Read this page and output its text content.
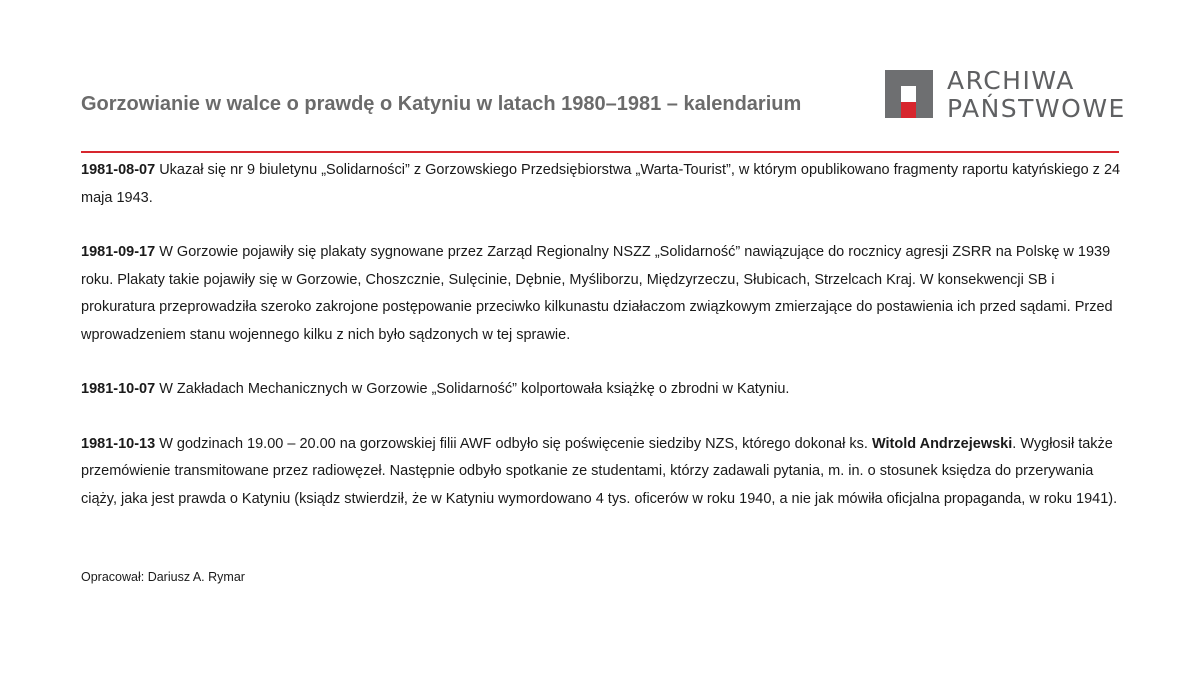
Gorzowianie w walce o prawdę o Katyniu w latach 1980–1981 – kalendarium
ARCHIWA
PAŃSTWOWE

1981-08-07 Ukazał się nr 9 biuletynu „Solidarności” z Gorzowskiego Przedsiębiorstwa „Warta-Tourist”, w którym opublikowano fragmenty raportu katyńskiego z 24 maja 1943.

1981-09-17 W Gorzowie pojawiły się plakaty sygnowane przez Zarząd Regionalny NSZZ „Solidarność” nawiązujące do rocznicy agresji ZSRR na Polskę w 1939 roku. Plakaty takie pojawiły się w Gorzowie, Choszcznie, Sulęcinie, Dębnie, Myśliborzu, Międzyrzeczu, Słubicach, Strzelcach Kraj. W konsekwencji SB i prokuratura przeprowadziła szeroko zakrojone postępowanie przeciwko kilkunastu działaczom związkowym zmierzające do postawienia ich przed sądami. Przed wprowadzeniem stanu wojennego kilku z nich było sądzonych w tej sprawie.

1981-10-07 W Zakładach Mechanicznych w Gorzowie „Solidarność” kolportowała książkę o zbrodni w Katyniu.

1981-10-13 W godzinach 19.00 – 20.00 na gorzowskiej filii AWF odbyło się poświęcenie siedziby NZS, którego dokonał ks. Witold Andrzejewski. Wygłosił także przemówienie transmitowane przez radiowęzeł. Następnie odbyło spotkanie ze studentami, którzy zadawali pytania, m. in. o stosunek księdza do przerywania ciąży, jaka jest prawda o Katyniu (ksiądz stwierdził, że w Katyniu wymordowano 4 tys. oficerów w roku 1940, a nie jak mówiła oficjalna propaganda, w roku 1941).

Opracował: Dariusz A. Rymar
